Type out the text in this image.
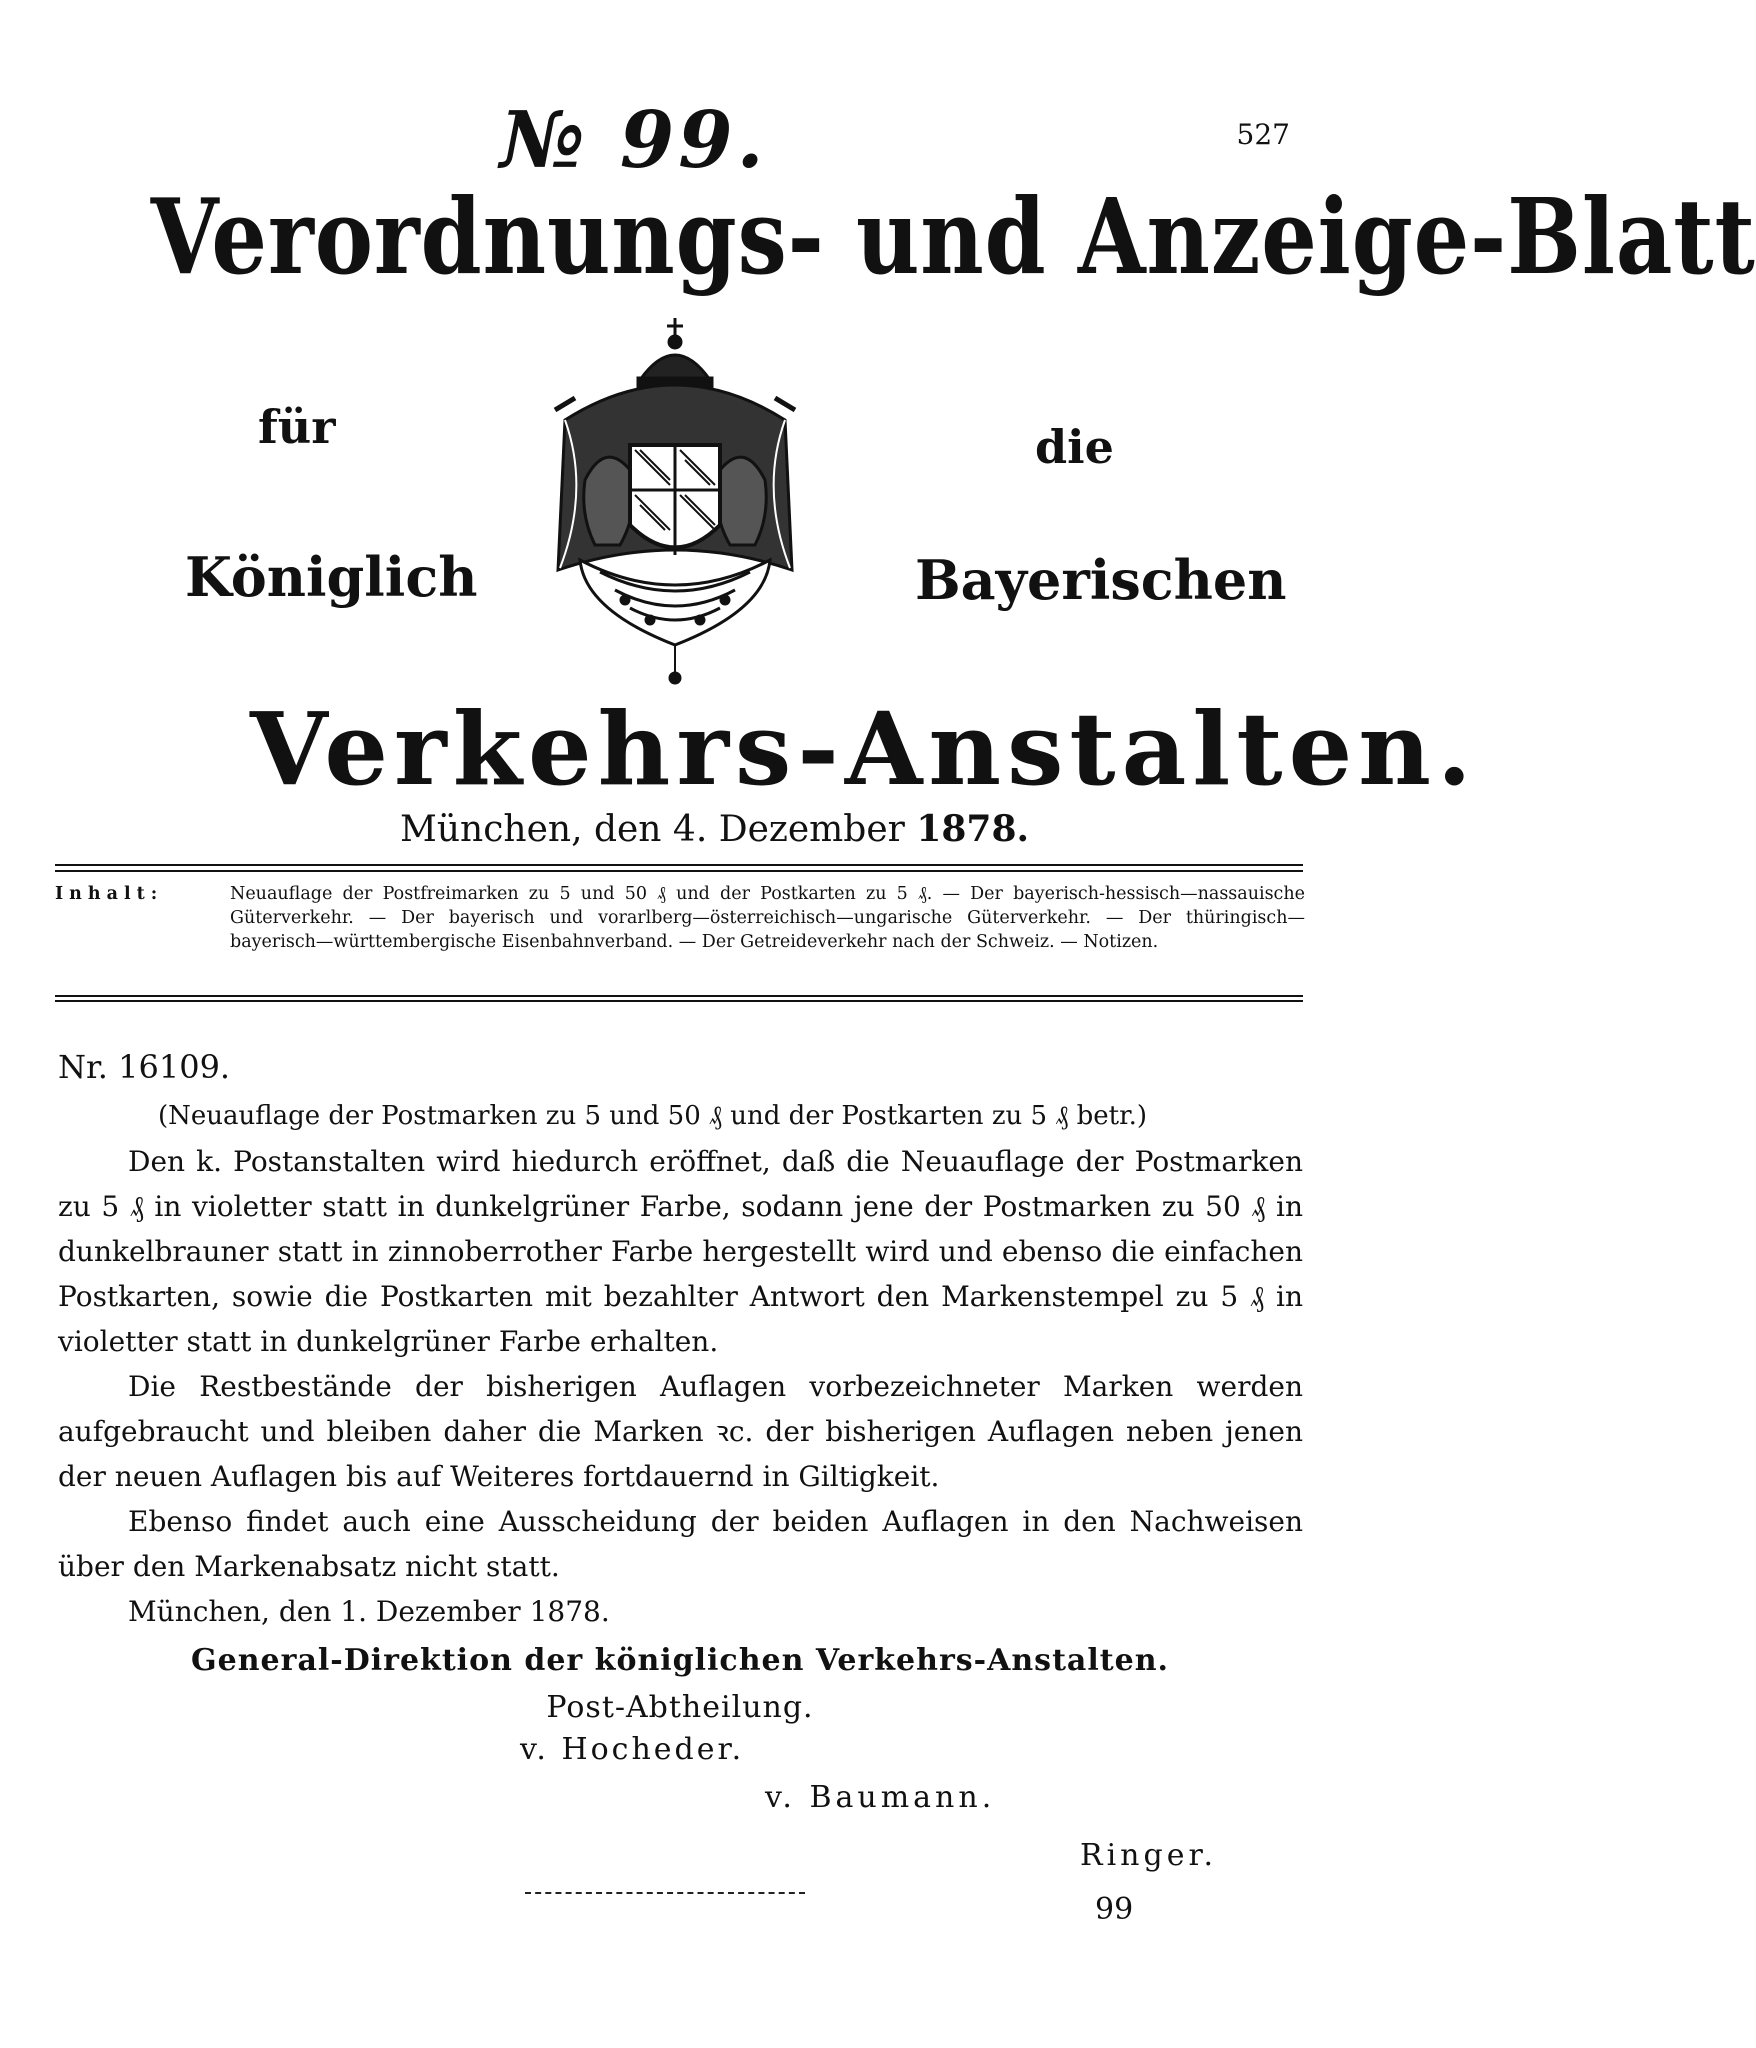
№ 99.	527
Verordnungs- und Anzeige-Blatt
für	die
Königlich	Bayerischen
Verkehrs-Anstalten.
München, den 4. Dezember 1878.
Inhalt:	Neuauflage der Postfreimarken zu 5 und 50 ₰ und der Postkarten zu 5 ₰. — Der bayerisch-hessisch—nassauische Güterverkehr. — Der bayerisch und vorarlberg—österreichisch—ungarische Güterverkehr. — Der thüringisch—bayerisch—württembergische Eisenbahnverband. — Der Getreideverkehr nach der Schweiz. — Notizen.
Nr. 16109.
(Neuauflage der Postmarken zu 5 und 50 ₰ und der Postkarten zu 5 ₰ betr.)

Den k. Postanstalten wird hiedurch eröffnet, daß die Neuauflage der Postmarken zu 5 ₰ in violetter statt in dunkelgrüner Farbe, sodann jene der Postmarken zu 50 ₰ in dunkelbrauner statt in zinnoberrother Farbe hergestellt wird und ebenso die einfachen Postkarten, sowie die Postkarten mit bezahlter Antwort den Markenstempel zu 5 ₰ in violetter statt in dunkelgrüner Farbe erhalten.

Die Restbestände der bisherigen Auflagen vorbezeichneter Marken werden aufgebraucht und bleiben daher die Marken ꝛc. der bisherigen Auflagen neben jenen der neuen Auflagen bis auf Weiteres fortdauernd in Giltigkeit.

Ebenso findet auch eine Ausscheidung der beiden Auflagen in den Nachweisen über den Markenabsatz nicht statt.

München, den 1. Dezember 1878.
General-Direktion der königlichen Verkehrs-Anstalten.
Post-Abtheilung.
v. Hocheder.
v. Baumann.
Ringer.
99
